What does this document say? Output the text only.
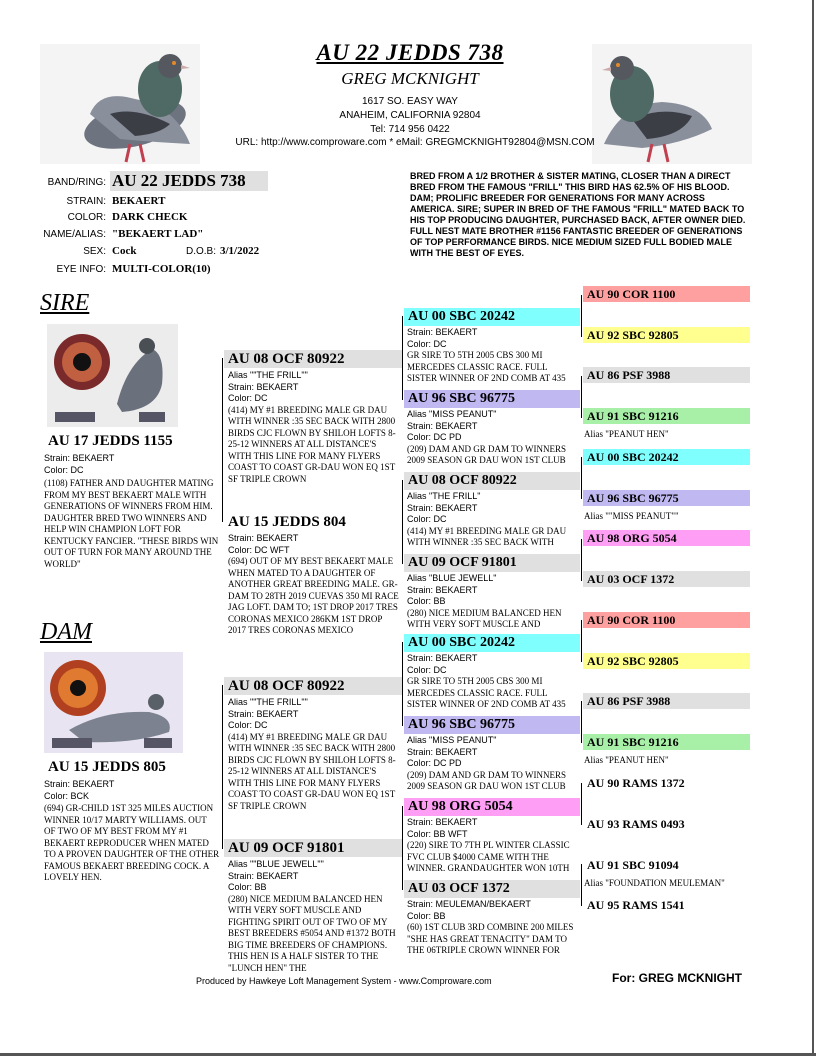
AU 22 JEDDS 738
GREG MCKNIGHT
1617 SO. EASY WAY
ANAHEIM, CALIFORNIA 92804
Tel: 714 956 0422
URL: http://www.comproware.com * eMail: GREGMCKNIGHT92804@MSN.COM
BAND/RING: AU 22 JEDDS 738
STRAIN: BEKAERT
COLOR: DARK CHECK
NAME/ALIAS: "BEKAERT LAD"
SEX: Cock	D.O.B: 3/1/2022
EYE INFO: MULTI-COLOR(10)
BRED FROM A 1/2 BROTHER & SISTER MATING, CLOSER THAN A DIRECT BRED FROM THE FAMOUS "FRILL" THIS BIRD HAS 62.5% OF HIS BLOOD. DAM; PROLIFIC BREEDER FOR GENERATIONS FOR MANY ACROSS AMERICA. SIRE; SUPER IN BRED OF THE FAMOUS "FRILL" MATED BACK TO HIS TOP PRODUCING DAUGHTER, PURCHASED BACK, AFTER OWNER DIED. FULL NEST MATE BROTHER #1156 FANTASTIC BREEDER OF GENERATIONS OF TOP PERFORMANCE BIRDS. NICE MEDIUM SIZED FULL BODIED MALE WITH THE BEST OF EYES.
SIRE
AU 17 JEDDS 1155
Strain: BEKAERT
Color: DC
(1108) FATHER AND DAUGHTER MATING FROM MY BEST BEKAERT MALE WITH GENERATIONS OF WINNERS FROM HIM. DAUGHTER BRED TWO WINNERS AND HELP WIN CHAMPION LOFT FOR KENTUCKY FANCIER. "THESE BIRDS WIN OUT OF TURN FOR MANY AROUND THE WORLD"
DAM
AU 15 JEDDS 805
Strain: BEKAERT
Color: BCK
(694) GR-CHILD 1ST 325 MILES AUCTION WINNER 10/17 MARTY WILLIAMS. OUT OF TWO OF MY BEST FROM MY #1 BEKAERT REPRODUCER WHEN MATED TO A PROVEN DAUGHTER OF THE OTHER FAMOUS BEKAERT BREEDING COCK. A LOVELY HEN.
AU 08 OCF 80922
Alias ""THE FRILL""
Strain: BEKAERT
Color: DC
(414) MY #1 BREEDING MALE GR DAU WITH WINNER :35 SEC BACK WITH 2800 BIRDS CJC FLOWN BY SHILOH LOFTS 8-25-12 WINNERS AT ALL DISTANCE'S WITH THIS LINE FOR MANY FLYERS COAST TO COAST GR-DAU WON EQ 1ST SF TRIPLE CROWN
AU 15 JEDDS 804
Strain: BEKAERT
Color: DC WFT
(694) OUT OF MY BEST BEKAERT MALE WHEN MATED TO A DAUGHTER OF ANOTHER GREAT BREEDING MALE. GR-DAM TO 28TH 2019 CUEVAS 350 MI RACE JAG LOFT. DAM TO; 1ST DROP 2017 TRES CORONAS MEXICO 286KM 1ST DROP 2017 TRES CORONAS MEXICO
AU 08 OCF 80922
Alias ""THE FRILL""
Strain: BEKAERT
Color: DC
(414) MY #1 BREEDING MALE GR DAU WITH WINNER :35 SEC BACK WITH 2800 BIRDS CJC FLOWN BY SHILOH LOFTS 8-25-12 WINNERS AT ALL DISTANCE'S WITH THIS LINE FOR MANY FLYERS COAST TO COAST GR-DAU WON EQ 1ST SF TRIPLE CROWN
AU 09 OCF 91801
Alias ""BLUE JEWELL""
Strain: BEKAERT
Color: BB
(280) NICE MEDIUM BALANCED HEN WITH VERY SOFT MUSCLE AND FIGHTING SPIRIT OUT OF TWO OF MY BEST BREEDERS #5054 AND #1372 BOTH BIG TIME BREEDERS OF CHAMPIONS. THIS HEN IS A HALF SISTER TO THE "LUNCH HEN" THE
AU 00 SBC 20242
Strain: BEKAERT
Color: DC
GR SIRE TO 5TH 2005 CBS 300 MI MERCEDES CLASSIC RACE. FULL SISTER WINNER OF 2ND COMB AT 435
AU 96 SBC 96775
Alias "MISS PEANUT"
Strain: BEKAERT
Color: DC PD
(209) DAM AND GR DAM TO WINNERS 2009 SEASON GR DAU WON 1ST CLUB
AU 08 OCF 80922
Alias "THE FRILL"
Strain: BEKAERT
Color: DC
(414) MY #1 BREEDING MALE GR DAU WITH WINNER :35 SEC BACK WITH
AU 09 OCF 91801
Alias "BLUE JEWELL"
Strain: BEKAERT
Color: BB
(280) NICE MEDIUM BALANCED HEN WITH VERY SOFT MUSCLE AND
AU 00 SBC 20242
Strain: BEKAERT
Color: DC
GR SIRE TO 5TH 2005 CBS 300 MI MERCEDES CLASSIC RACE. FULL SISTER WINNER OF 2ND COMB AT 435
AU 96 SBC 96775
Alias "MISS PEANUT"
Strain: BEKAERT
Color: DC PD
(209) DAM AND GR DAM TO WINNERS 2009 SEASON GR DAU WON 1ST CLUB
AU 98 ORG 5054
Strain: BEKAERT
Color: BB WFT
(220) SIRE TO 7TH PL WINTER CLASSIC FVC CLUB $4000 CAME WITH THE WINNER. GRANDAUGHTER WON 10TH
AU 03 OCF 1372
Strain: MEULEMAN/BEKAERT
Color: BB
(60) 1ST CLUB 3RD COMBINE 200 MILES "SHE HAS GREAT TENACITY" DAM TO THE 06TRIPLE CROWN WINNER FOR
AU 90 COR 1100
AU 92 SBC 92805
AU 86 PSF 3988
AU 91 SBC 91216
Alias "PEANUT HEN"
AU 00 SBC 20242
AU 96 SBC 96775
Alias ""MISS PEANUT""
AU 98 ORG 5054
AU 03 OCF 1372
AU 90 COR 1100
AU 92 SBC 92805
AU 86 PSF 3988
AU 91 SBC 91216
Alias "PEANUT HEN"
AU 90 RAMS 1372
AU 93 RAMS 0493
AU 91 SBC 91094
Alias "FOUNDATION MEULEMAN"
AU 95 RAMS 1541
Produced by Hawkeye Loft Management System - www.Comproware.com	For: GREG MCKNIGHT
